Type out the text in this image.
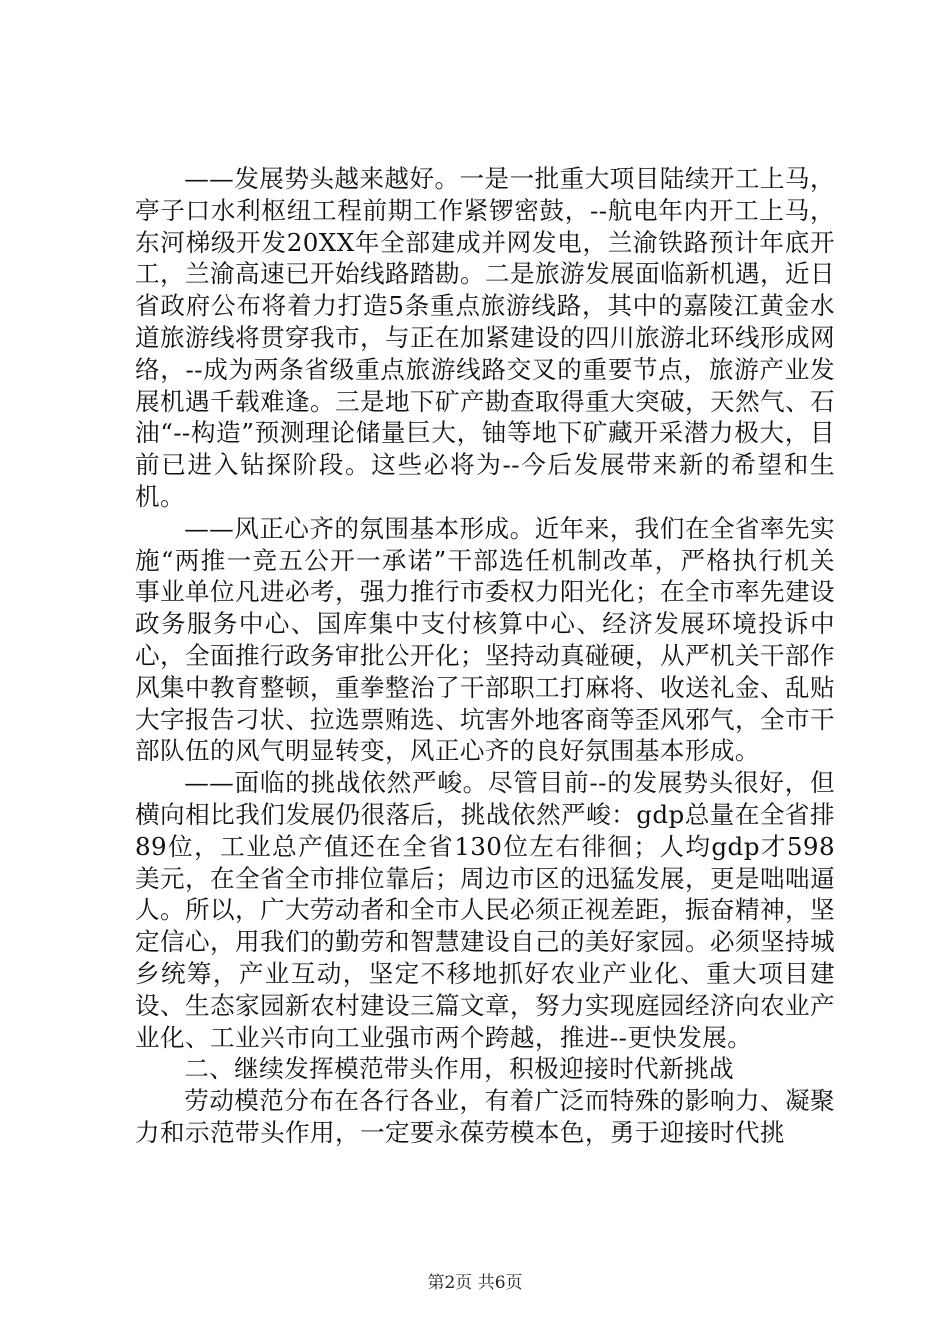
——发展势头越来越好。一是一批重大项目陆续开工上马，亭子口水利枢纽工程前期工作紧锣密鼓，--航电年内开工上马，东河梯级开发20XX年全部建成并网发电，兰渝铁路预计年底开工，兰渝高速已开始线路踏勘。二是旅游发展面临新机遇，近日省政府公布将着力打造5条重点旅游线路，其中的嘉陵江黄金水道旅游线将贯穿我市，与正在加紧建设的四川旅游北环线形成网络，--成为两条省级重点旅游线路交叉的重要节点，旅游产业发展机遇千载难逢。三是地下矿产勘查取得重大突破，天然气、石油“--构造”预测理论储量巨大，铀等地下矿藏开采潜力极大，目前已进入钻探阶段。这些必将为--今后发展带来新的希望和生机。

——风正心齐的氛围基本形成。近年来，我们在全省率先实施“两推一竞五公开一承诺”干部选任机制改革，严格执行机关事业单位凡进必考，强力推行市委权力阳光化；在全市率先建设政务服务中心、国库集中支付核算中心、经济发展环境投诉中心，全面推行政务审批公开化；坚持动真碰硬，从严机关干部作风集中教育整顿，重拳整治了干部职工打麻将、收送礼金、乱贴大字报告刁状、拉选票贿选、坑害外地客商等歪风邪气，全市干部队伍的风气明显转变，风正心齐的良好氛围基本形成。

——面临的挑战依然严峻。尽管目前--的发展势头很好，但横向相比我们发展仍很落后，挑战依然严峻：gdp总量在全省排89位，工业总产值还在全省130位左右徘徊；人均gdp才598美元，在全省全市排位靠后；周边市区的迅猛发展，更是咄咄逼人。所以，广大劳动者和全市人民必须正视差距，振奋精神，坚定信心，用我们的勤劳和智慧建设自己的美好家园。必须坚持城乡统筹，产业互动，坚定不移地抓好农业产业化、重大项目建设、生态家园新农村建设三篇文章，努力实现庭园经济向农业产业化、工业兴市向工业强市两个跨越，推进--更快发展。

二、继续发挥模范带头作用，积极迎接时代新挑战

劳动模范分布在各行各业，有着广泛而特殊的影响力、凝聚力和示范带头作用，一定要永葆劳模本色，勇于迎接时代挑

第2页 共6页
